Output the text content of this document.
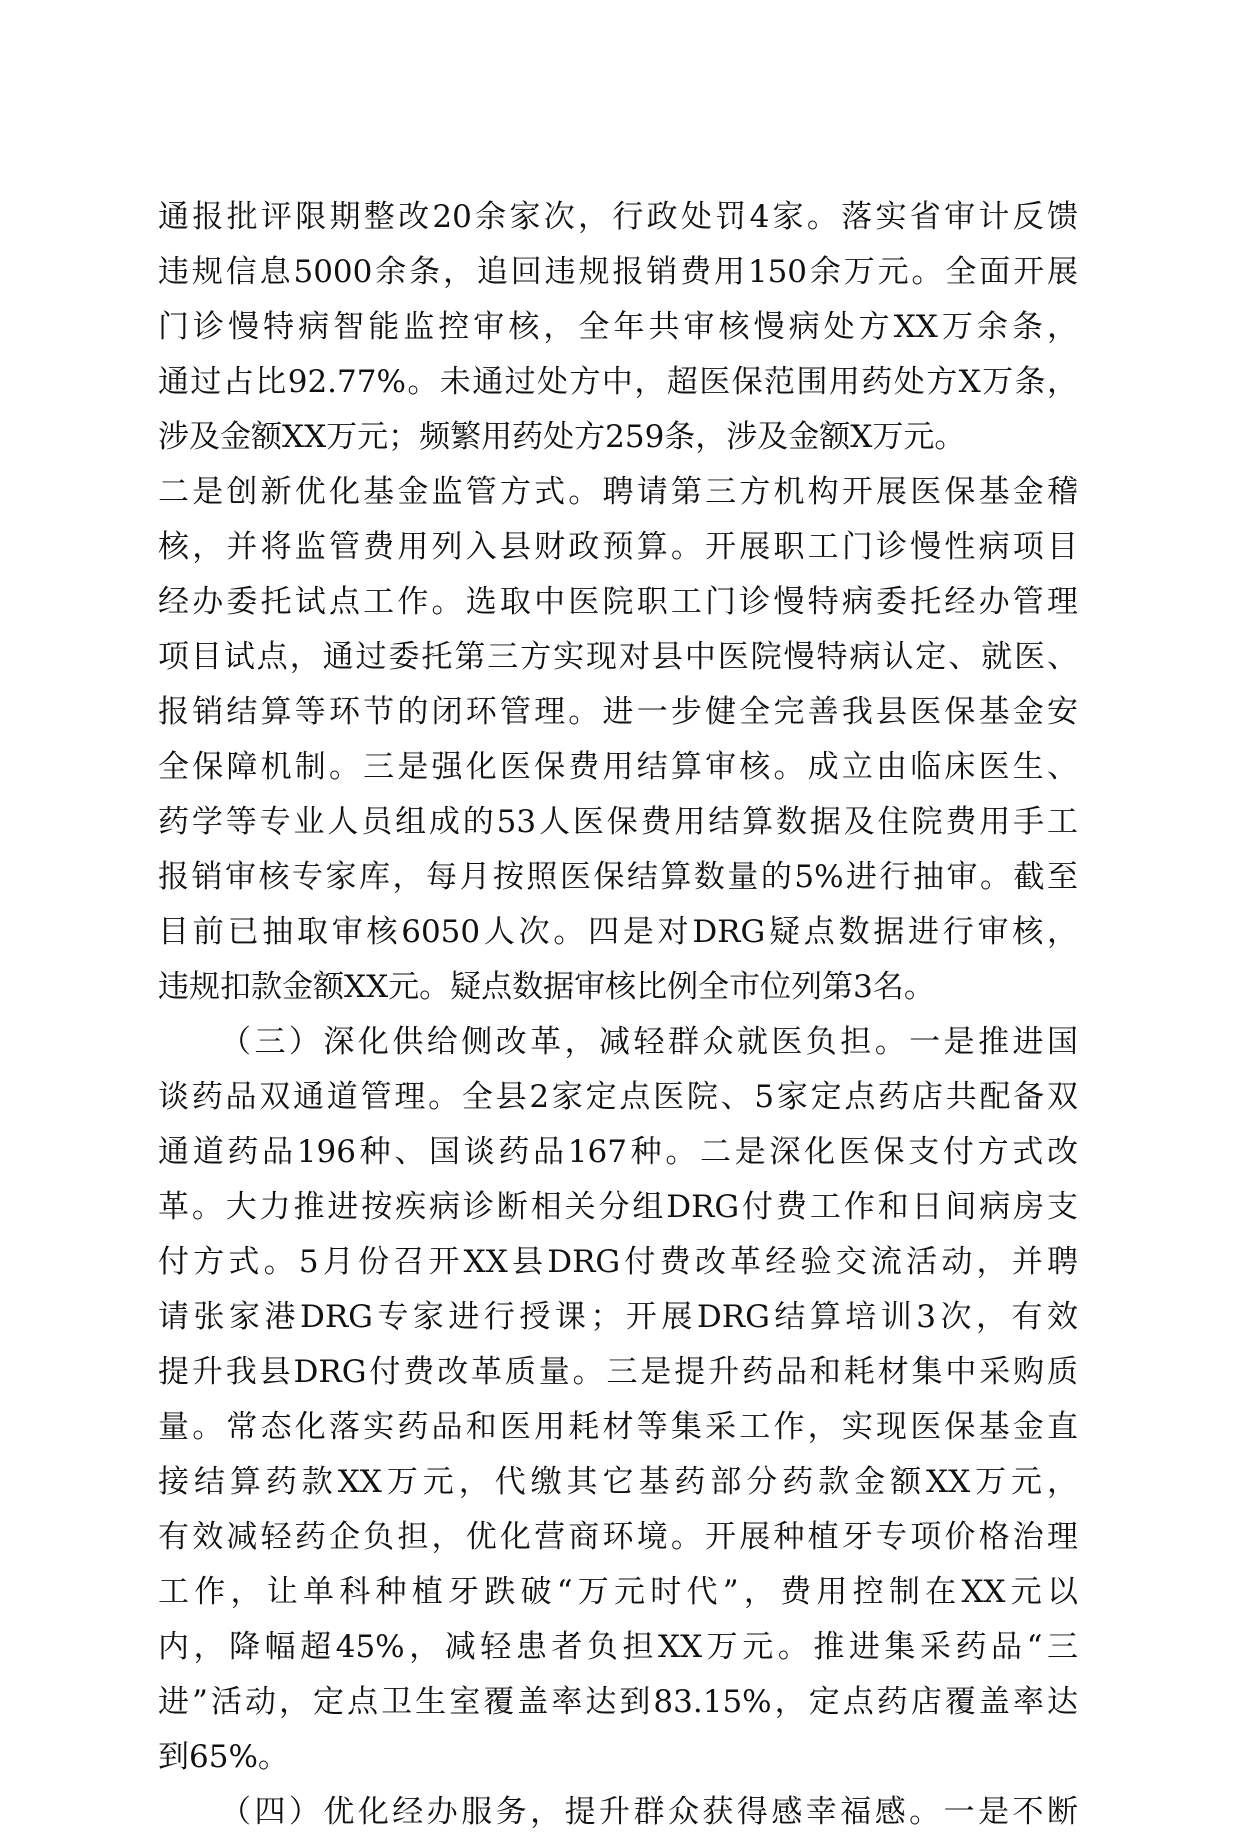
通报批评限期整改20余家次，行政处罚4家。落实省审计反馈
违规信息5000余条，追回违规报销费用150余万元。全面开展
门诊慢特病智能监控审核，全年共审核慢病处方XX万余条，
通过占比92.77%。未通过处方中，超医保范围用药处方X万条，
涉及金额XX万元；频繁用药处方259条，涉及金额X万元。
二是创新优化基金监管方式。聘请第三方机构开展医保基金稽
核，并将监管费用列入县财政预算。开展职工门诊慢性病项目
经办委托试点工作。选取中医院职工门诊慢特病委托经办管理
项目试点，通过委托第三方实现对县中医院慢特病认定、就医、
报销结算等环节的闭环管理。进一步健全完善我县医保基金安
全保障机制。三是强化医保费用结算审核。成立由临床医生、
药学等专业人员组成的53人医保费用结算数据及住院费用手工
报销审核专家库，每月按照医保结算数量的5%进行抽审。截至
目前已抽取审核6050人次。四是对DRG疑点数据进行审核，
违规扣款金额XX元。疑点数据审核比例全市位列第3名。
（三）深化供给侧改革，减轻群众就医负担。一是推进国
谈药品双通道管理。全县2家定点医院、5家定点药店共配备双
通道药品196种、国谈药品167种。二是深化医保支付方式改
革。大力推进按疾病诊断相关分组DRG付费工作和日间病房支
付方式。5月份召开XX县DRG付费改革经验交流活动，并聘
请张家港DRG专家进行授课；开展DRG结算培训3次，有效
提升我县DRG付费改革质量。三是提升药品和耗材集中采购质
量。常态化落实药品和医用耗材等集采工作，实现医保基金直
接结算药款XX万元，代缴其它基药部分药款金额XX万元，
有效减轻药企负担，优化营商环境。开展种植牙专项价格治理
工作，让单科种植牙跌破“万元时代”，费用控制在XX元以
内，降幅超45%，减轻患者负担XX万元。推进集采药品“三
进”活动，定点卫生室覆盖率达到83.15%，定点药店覆盖率达
到65%。
（四）优化经办服务，提升群众获得感幸福感。一是不断
